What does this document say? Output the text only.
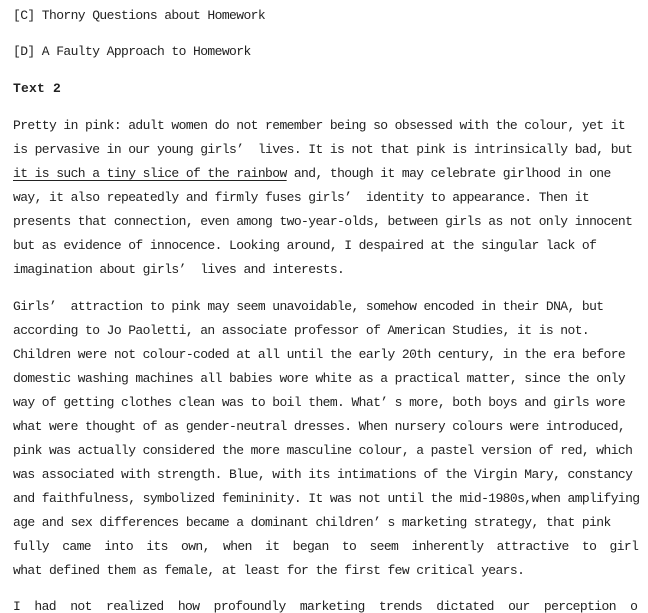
[C] Thorny Questions about Homework
[D] A Faulty Approach to Homework
Text 2
Pretty in pink: adult women do not remember being so obsessed with the colour, yet it
is pervasive in our young girls’  lives. It is not that pink is intrinsically bad, but
it is such a tiny slice of the rainbow and, though it may celebrate girlhood in one
way, it also repeatedly and firmly fuses girls’  identity to appearance. Then it
presents that connection, even among two-year-olds, between girls as not only innocent
but as evidence of innocence. Looking around, I despaired at the singular lack of
imagination about girls’  lives and interests.
Girls’  attraction to pink may seem unavoidable, somehow encoded in their DNA, but
according to Jo Paoletti, an associate professor of American Studies, it is not.
Children were not colour-coded at all until the early 20th century, in the era before
domestic washing machines all babies wore white as a practical matter, since the only
way of getting clothes clean was to boil them. What’ s more, both boys and girls wore
what were thought of as gender-neutral dresses. When nursery colours were introduced,
pink was actually considered the more masculine colour, a pastel version of red, which
was associated with strength. Blue, with its intimations of the Virgin Mary, constancy
and faithfulness, symbolized femininity. It was not until the mid-1980s,when amplifying
age and sex differences became a dominant children’ s marketing strategy, that pink
fully came into its own, when it began to seem inherently attractive to girl
what defined them as female, at least for the first few critical years.
I had not realized how profoundly marketing trends dictated our perception o
